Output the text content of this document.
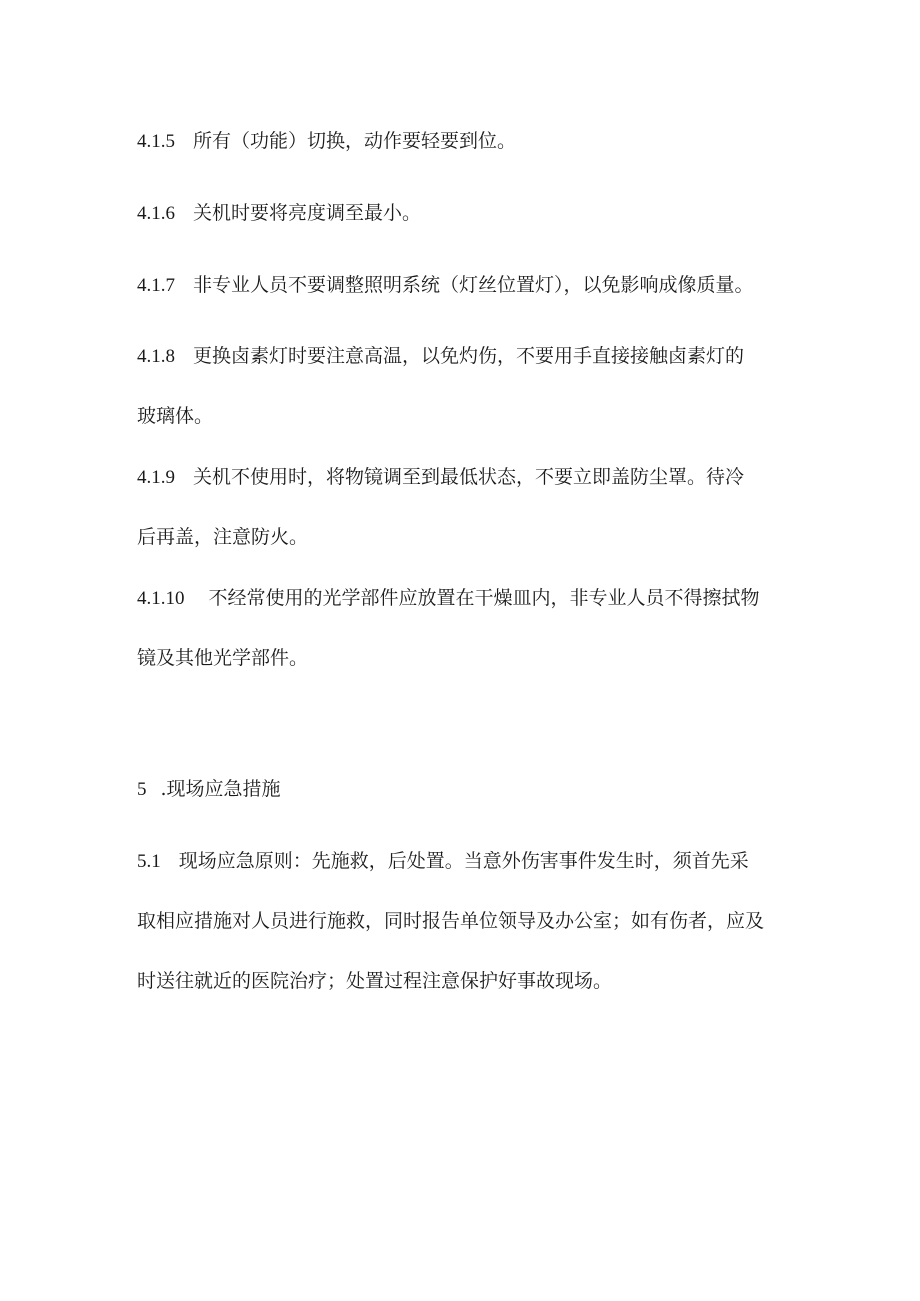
4.1.5 所有（功能）切换，动作要轻要到位。
4.1.6 关机时要将亮度调至最小。
4.1.7 非专业人员不要调整照明系统（灯丝位置灯），以免影响成像质量。
4.1.8 更换卤素灯时要注意高温，以免灼伤，不要用手直接接触卤素灯的
玻璃体。
4.1.9 关机不使用时，将物镜调至到最低状态，不要立即盖防尘罩。待冷
后再盖，注意防火。
4.1.10 不经常使用的光学部件应放置在干燥皿内，非专业人员不得擦拭物
镜及其他光学部件。
5 .现场应急措施
5.1 现场应急原则：先施救，后处置。当意外伤害事件发生时，须首先采
取相应措施对人员进行施救，同时报告单位领导及办公室；如有伤者，应及
时送往就近的医院治疗；处置过程注意保护好事故现场。
